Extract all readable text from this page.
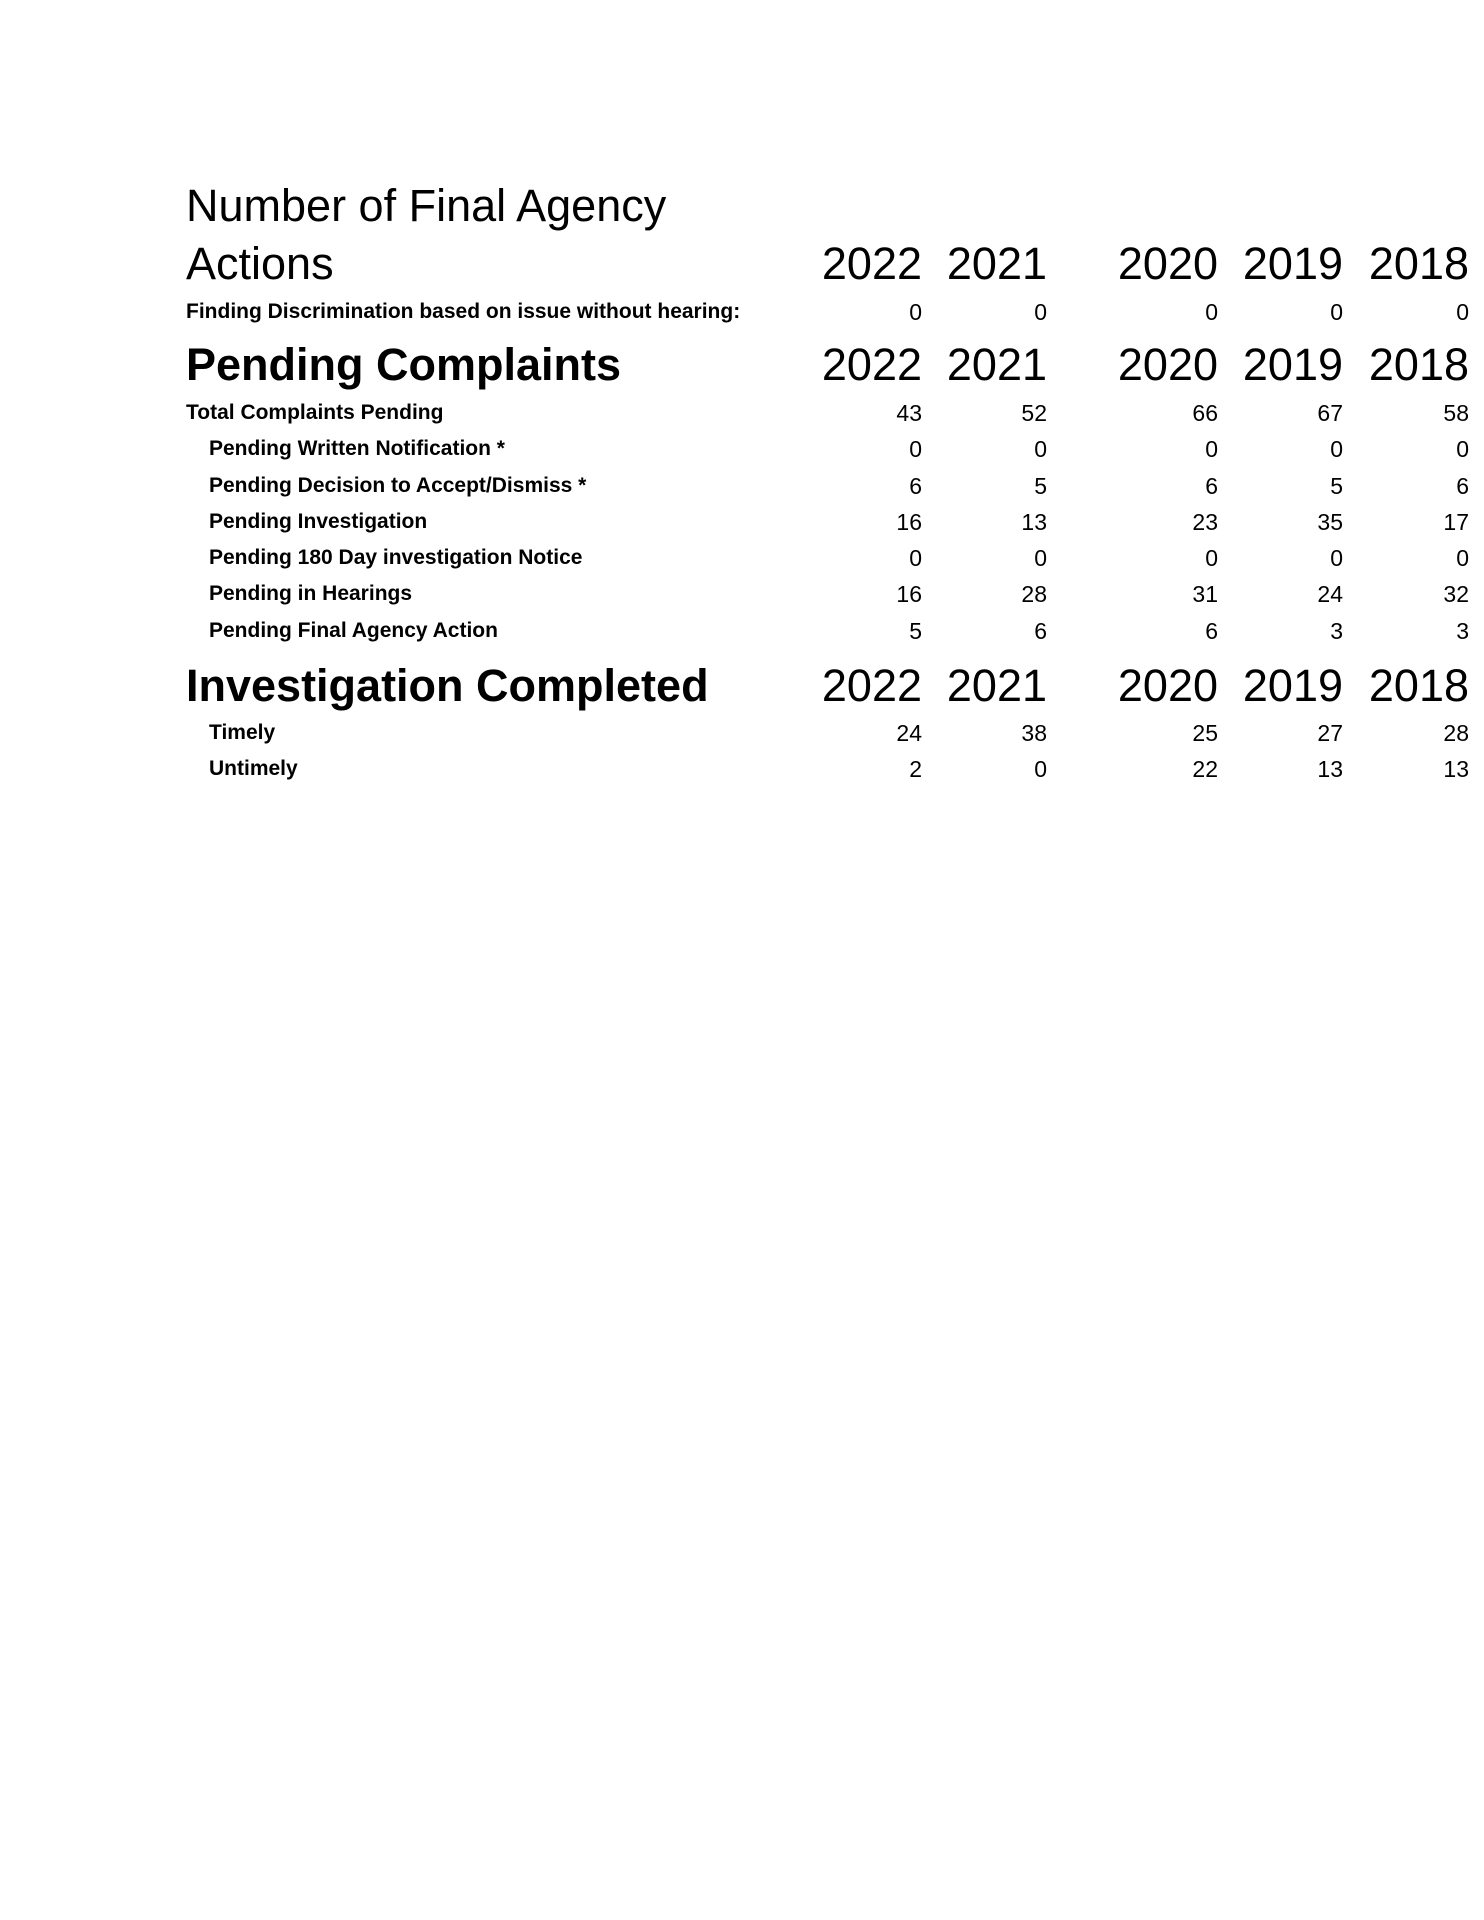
Number of Final Agency
Actions	2022 2021 2020 2019 2018
Finding Discrimination based on issue without hearing:	0	0	0	0	0
Pending Complaints	2022 2021 2020 2019 2018
Total Complaints Pending	43	52	66	67	58
Pending Written Notification *	0	0	0	0	0
Pending Decision to Accept/Dismiss *	6	5	6	5	6
Pending Investigation	16	13	23	35	17
Pending 180 Day investigation Notice	0	0	0	0	0
Pending in Hearings	16	28	31	24	32
Pending Final Agency Action	5	6	6	3	3
Investigation Completed	2022 2021 2020 2019 2018
Timely	24	38	25	27	28
Untimely	2	0	22	13	13
